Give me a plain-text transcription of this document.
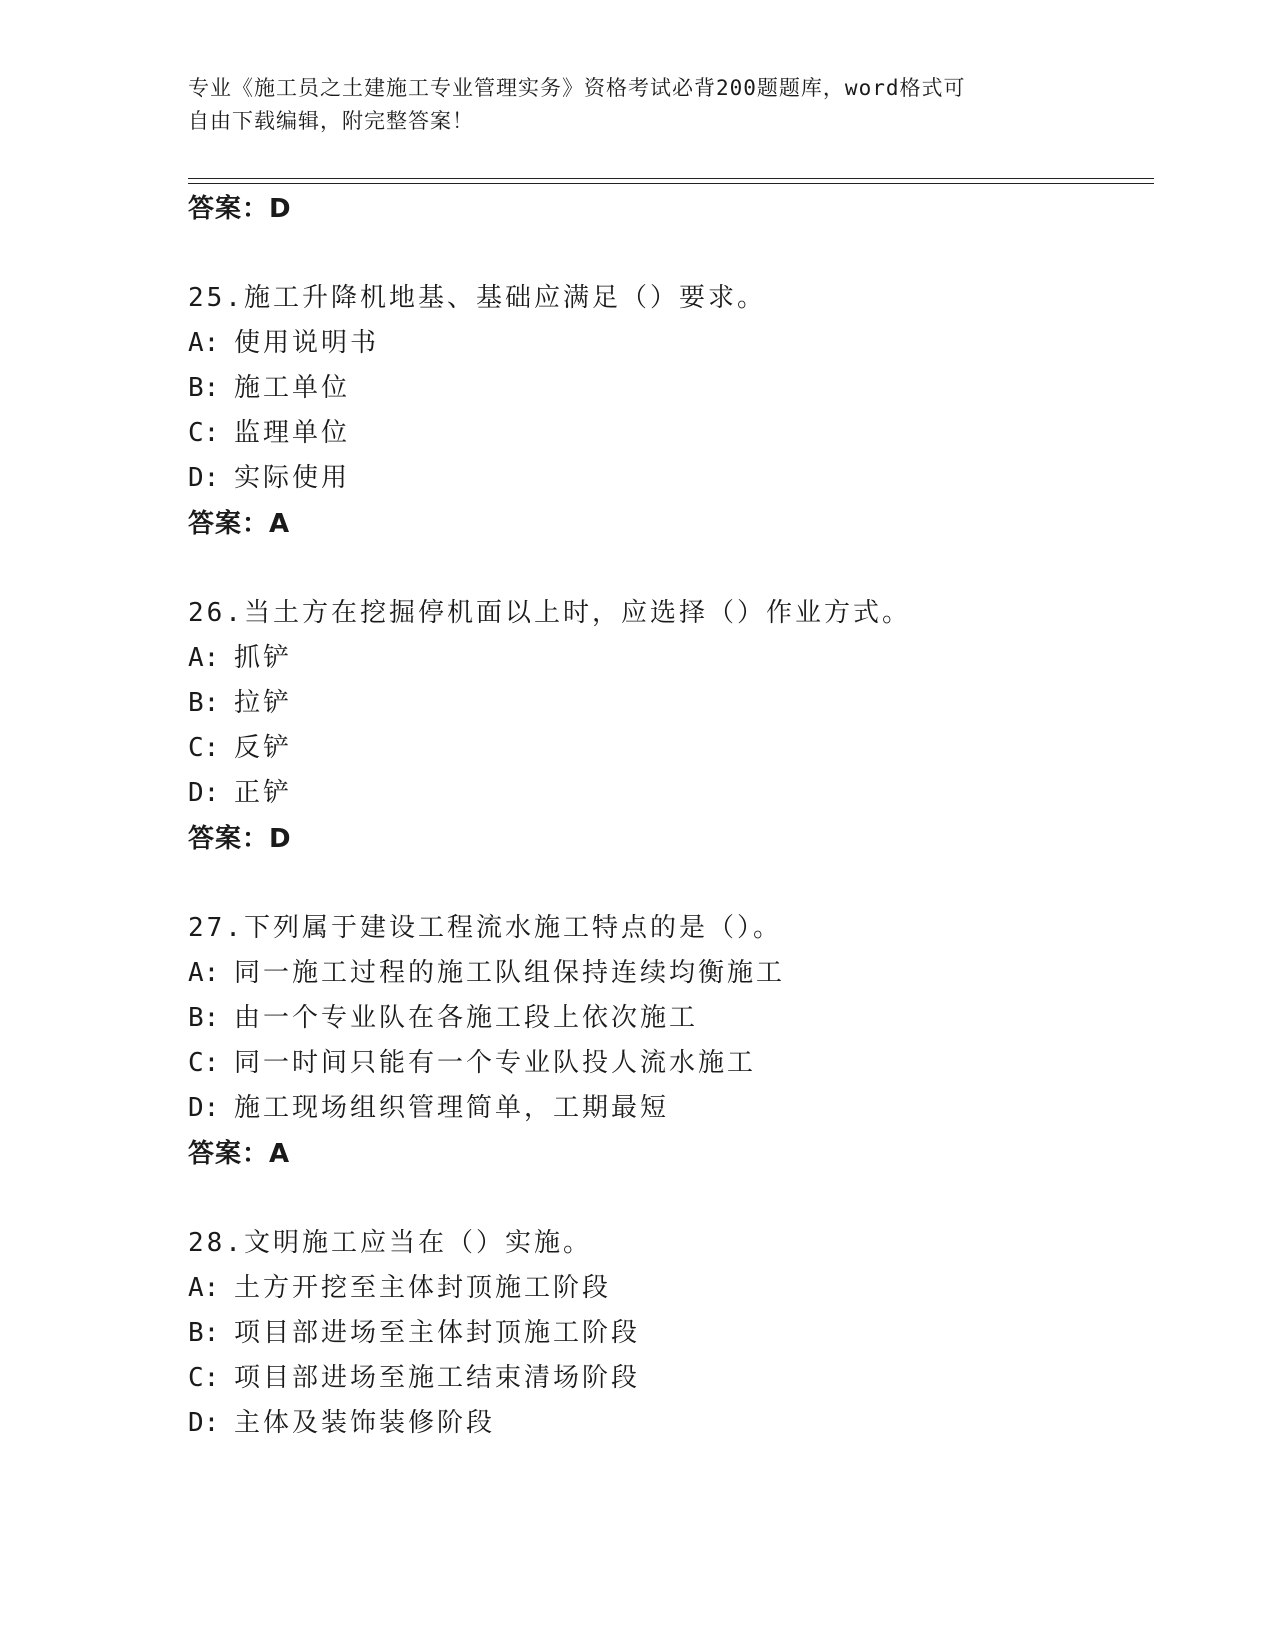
专业《施工员之土建施工专业管理实务》资格考试必背200题题库，word格式可
自由下载编辑，附完整答案！
答案：D
25.施工升降机地基、基础应满足（）要求。
A: 使用说明书
B: 施工单位
C: 监理单位
D: 实际使用
答案：A
26.当土方在挖掘停机面以上时，应选择（）作业方式。
A: 抓铲
B: 拉铲
C: 反铲
D: 正铲
答案：D
27.下列属于建设工程流水施工特点的是（）。
A: 同一施工过程的施工队组保持连续均衡施工
B: 由一个专业队在各施工段上依次施工
C: 同一时间只能有一个专业队投人流水施工
D: 施工现场组织管理简单，工期最短
答案：A
28.文明施工应当在（）实施。
A: 土方开挖至主体封顶施工阶段
B: 项目部进场至主体封顶施工阶段
C: 项目部进场至施工结束清场阶段
D: 主体及装饰装修阶段
